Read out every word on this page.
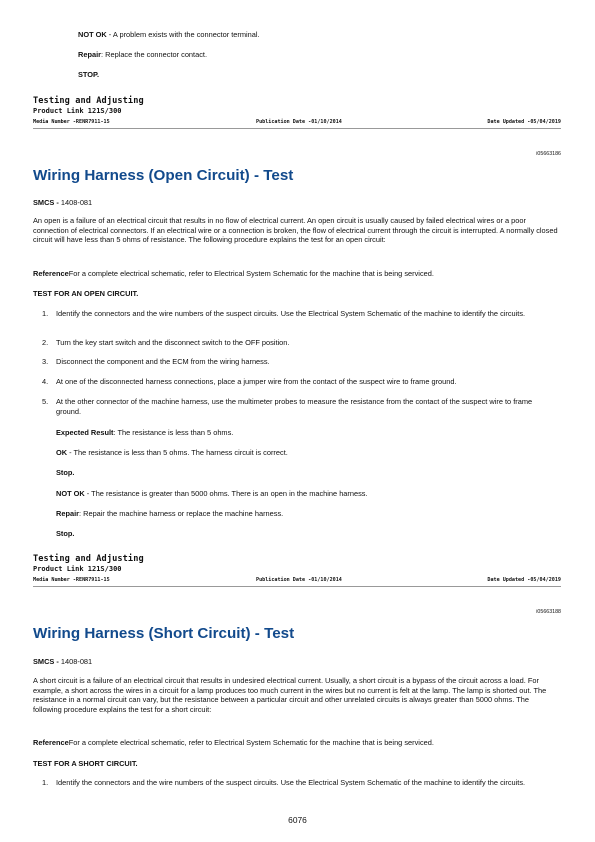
NOT OK - A problem exists with the connector terminal.
Repair: Replace the connector contact.
STOP.
Testing and Adjusting
Product Link 121S/300
Media Number -RENR7911-15	Publication Date -01/10/2014	Date Updated -05/04/2019
i05663186
Wiring Harness (Open Circuit) - Test
SMCS - 1408-081
An open is a failure of an electrical circuit that results in no flow of electrical current. An open circuit is usually caused by failed electrical wires or a poor connection of electrical connectors. If an electrical wire or a connection is broken, the flow of electrical current through the circuit is interrupted. A normally closed circuit will have less than 5 ohms of resistance. The following procedure explains the test for an open circuit:
ReferenceFor a complete electrical schematic, refer to Electrical System Schematic for the machine that is being serviced.
TEST FOR AN OPEN CIRCUIT.
1. Identify the connectors and the wire numbers of the suspect circuits. Use the Electrical System Schematic of the machine to identify the circuits.
2. Turn the key start switch and the disconnect switch to the OFF position.
3. Disconnect the component and the ECM from the wiring harness.
4. At one of the disconnected harness connections, place a jumper wire from the contact of the suspect wire to frame ground.
5. At the other connector of the machine harness, use the multimeter probes to measure the resistance from the contact of the suspect wire to frame ground.
Expected Result: The resistance is less than 5 ohms.
OK - The resistance is less than 5 ohms. The harness circuit is correct.
Stop.
NOT OK - The resistance is greater than 5000 ohms. There is an open in the machine harness.
Repair: Repair the machine harness or replace the machine harness.
Stop.
Testing and Adjusting
Product Link 121S/300
Media Number -RENR7911-15	Publication Date -01/10/2014	Date Updated -05/04/2019
i05663188
Wiring Harness (Short Circuit) - Test
SMCS - 1408-081
A short circuit is a failure of an electrical circuit that results in undesired electrical current. Usually, a short circuit is a bypass of the circuit across a load. For example, a short across the wires in a circuit for a lamp produces too much current in the wires but no current is felt at the lamp. The lamp is shorted out. The resistance in a normal circuit can vary, but the resistance between a particular circuit and other unrelated circuits is always greater than 5000 ohms. The following procedure explains the test for a short circuit:
ReferenceFor a complete electrical schematic, refer to Electrical System Schematic for the machine that is being serviced.
TEST FOR A SHORT CIRCUIT.
1. Identify the connectors and the wire numbers of the suspect circuits. Use the Electrical System Schematic of the machine to identify the circuits.
6076
